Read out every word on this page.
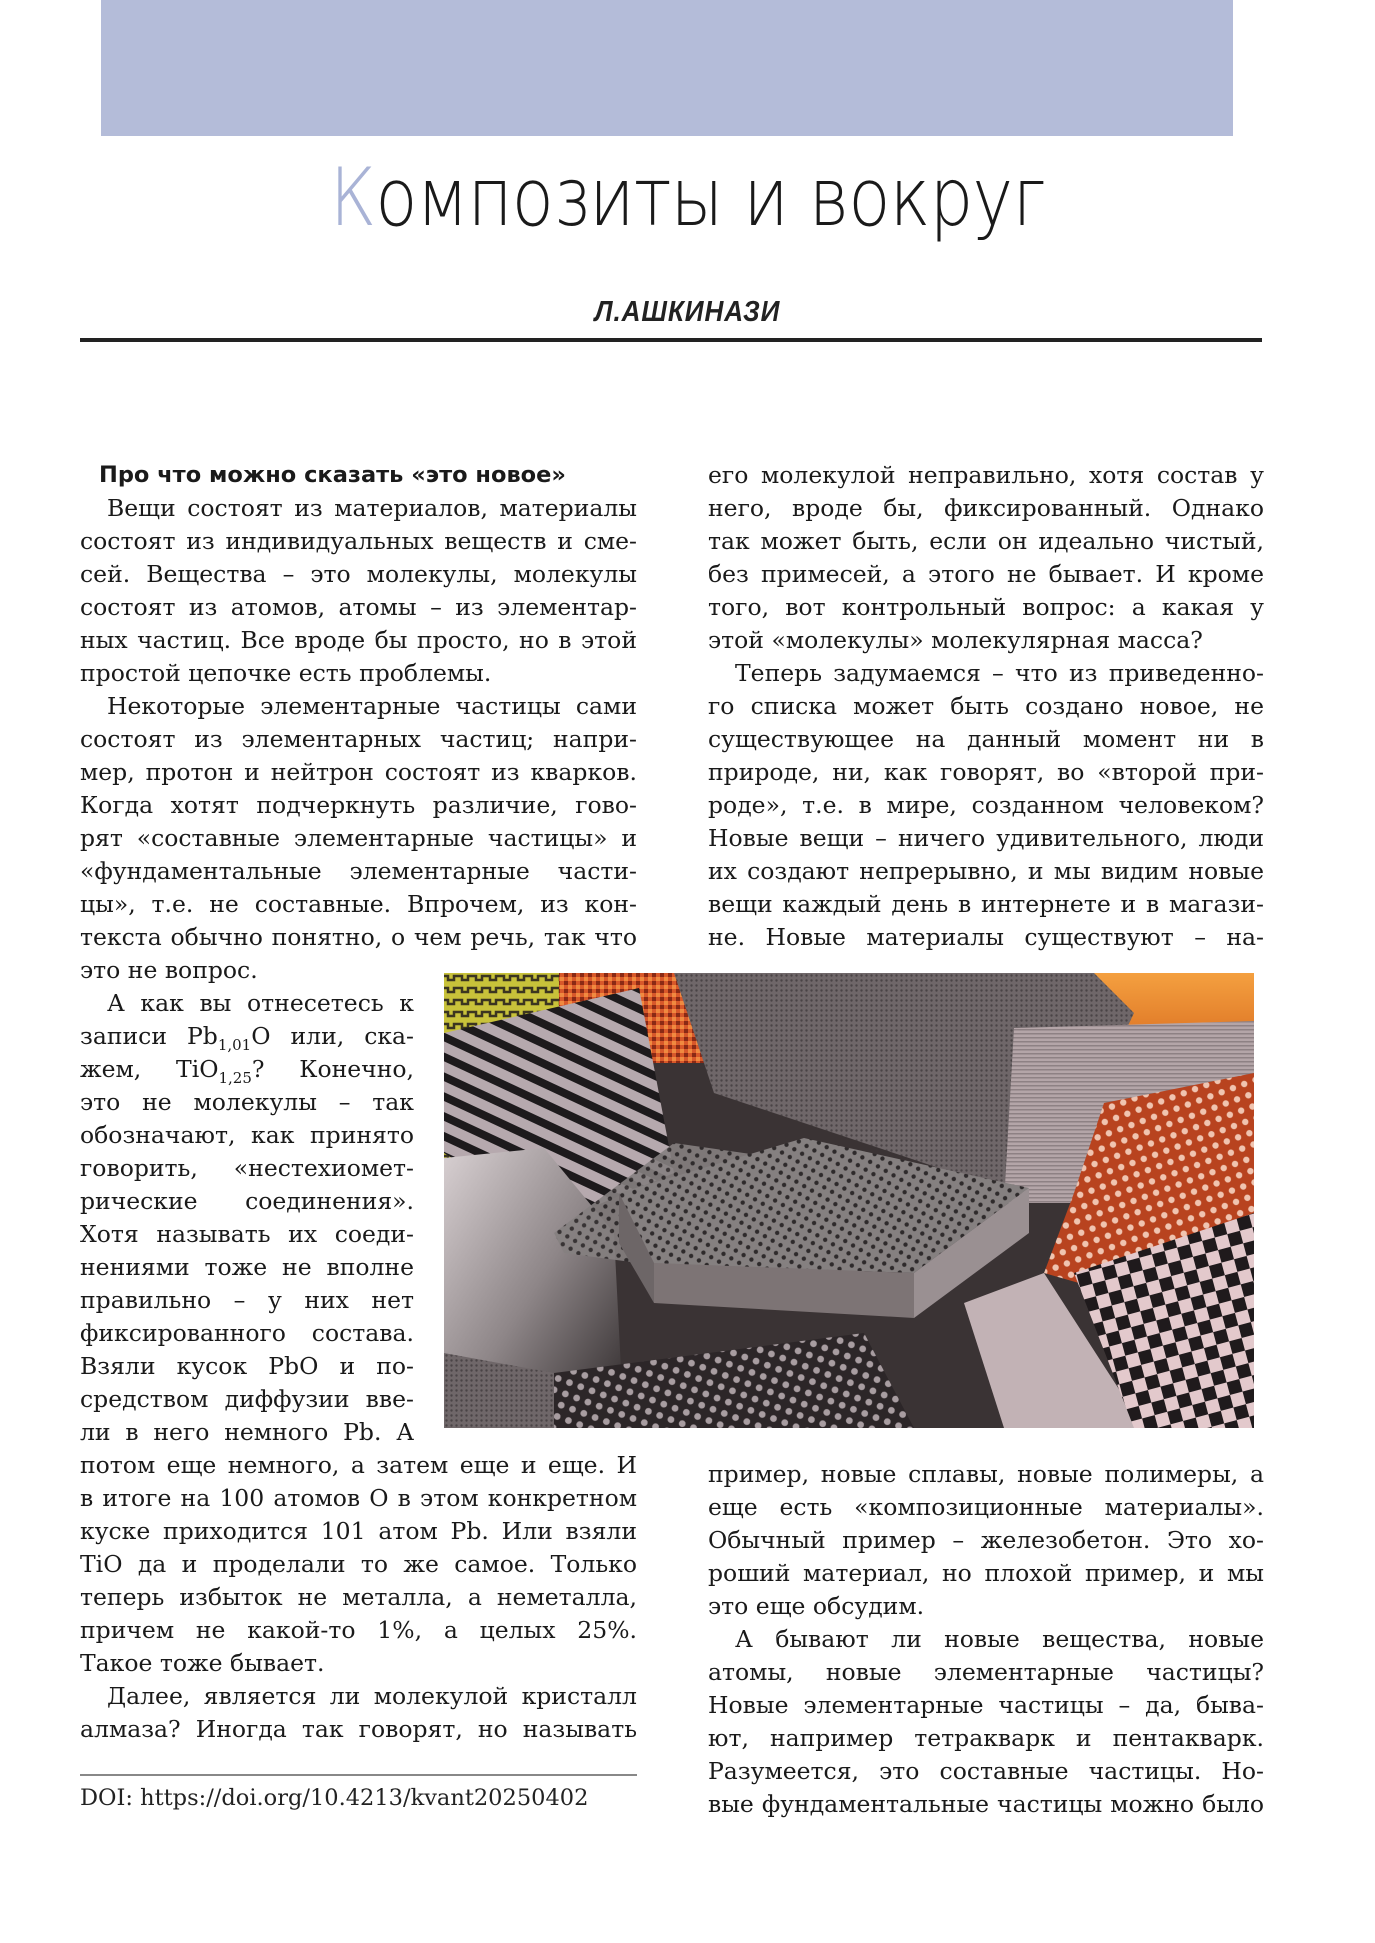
Композиты и вокруг
Л.АШКИНАЗИ
Про что можно сказать «это новое»
Вещи состоят из материалов, материалы
состоят из индивидуальных веществ и сме-
сей. Вещества – это молекулы, молекулы
состоят из атомов, атомы – из элементар-
ных частиц. Все вроде бы просто, но в этой
простой цепочке есть проблемы.
Некоторые элементарные частицы сами
состоят из элементарных частиц; напри-
мер, протон и нейтрон состоят из кварков.
Когда хотят подчеркнуть различие, гово-
рят «составные элементарные частицы» и
«фундаментальные элементарные части-
цы», т.е. не составные. Впрочем, из кон-
текста обычно понятно, о чем речь, так что
это не вопрос.
А как вы отнесетесь к
записи $Pb_{1,01}O$ или, ска-
жем, TiO$_{1,25}$? Конечно,
это не молекулы – так
обозначают, как принято
говорить, «нестехиомет-
рические соединения».
Хотя называть их соеди-
нениями тоже не вполне
правильно – у них нет
фиксированного состава.
Взяли кусок PbO и по-
средством диффузии вве-
ли в него немного Pb. А
потом еще немного, а затем еще и еще. И
в итоге на 100 атомов O в этом конкретном
куске приходится 101 атом Pb. Или взяли
TiO да и проделали то же самое. Только
теперь избыток не металла, а неметалла,
причем не какой-то 1%, а целых 25%.
Такое тоже бывает.
Далее, является ли молекулой кристалл
алмаза? Иногда так говорят, но называть
его молекулой неправильно, хотя состав у
него, вроде бы, фиксированный. Однако
так может быть, если он идеально чистый,
без примесей, а этого не бывает. И кроме
того, вот контрольный вопрос: а какая у
этой «молекулы» молекулярная масса?
Теперь задумаемся – что из приведенно-
го списка может быть создано новое, не
существующее на данный момент ни в
природе, ни, как говорят, во «второй при-
роде», т.е. в мире, созданном человеком?
Новые вещи – ничего удивительного, люди
их создают непрерывно, и мы видим новые
вещи каждый день в интернете и в магази-
не. Новые материалы существуют – на-
пример, новые сплавы, новые полимеры, а
еще есть «композиционные материалы».
Обычный пример – железобетон. Это хо-
роший материал, но плохой пример, и мы
это еще обсудим.
А бывают ли новые вещества, новые
атомы, новые элементарные частицы?
Новые элементарные частицы – да, быва-
ют, например тетракварк и пентакварк.
Разумеется, это составные частицы. Но-
вые фундаментальные частицы можно было
DOI: https://doi.org/10.4213/kvant20250402
